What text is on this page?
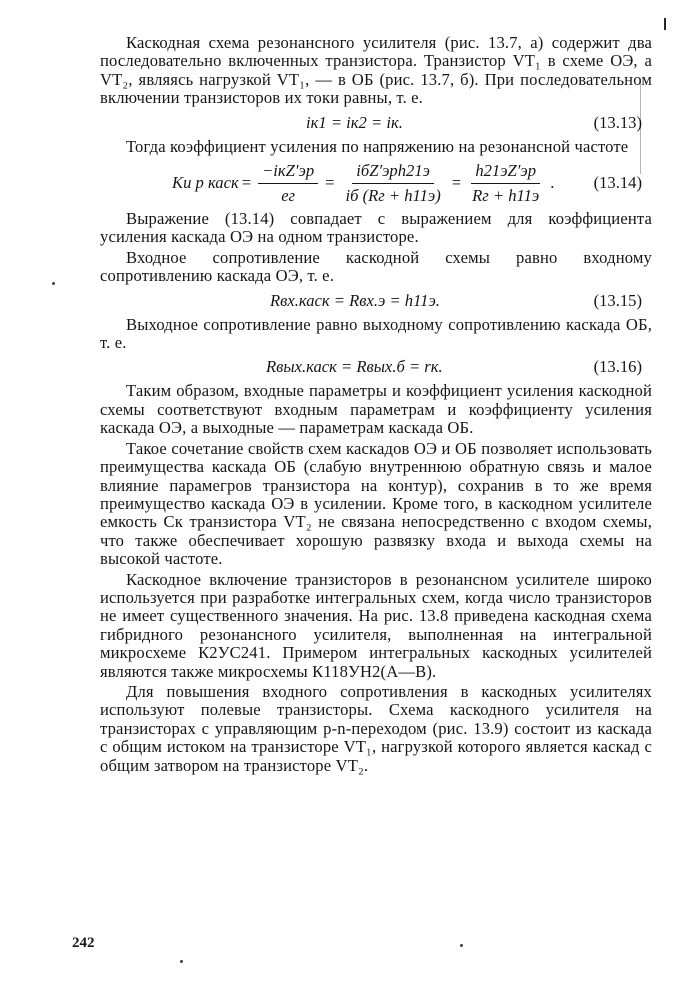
Каскодная схема резонансного усилителя (рис. 13.7, а) содержит два последовательно включенных транзистора. Транзистор VT₁ в схеме ОЭ, а VT₂, являясь нагрузкой VT₁, — в ОБ (рис. 13.7, б). При последовательном включении транзисторов их токи равны, т. е.

iк1 = iк2 = iк.	(13.13)

Тогда коэффициент усиления по напряжению на резонансной частоте

Ku р каск = $\frac{\text{−iкZ′эр}}{eг} = \frac{\text{iбZ′эрh21э}}{iб (Rг + h11э)} = \frac{h21эZ'эр}{Rг + h11э}$ . (13.14)

Выражение (13.14) совпадает с выражением для коэффициента усиления каскада ОЭ на одном транзисторе.

Входное сопротивление каскодной схемы равно входному сопротивлению каскада ОЭ, т. е.

Rвх.каск = Rвх.э = h11э.	(13.15)

Выходное сопротивление равно выходному сопротивлению каскада ОБ, т. е.

Rвых.каск = Rвых.б = rк.	(13.16)

Таким образом, входные параметры и коэффициент усиления каскодной схемы соответствуют входным параметрам и коэффициенту усиления каскада ОЭ, а выходные — параметрам каскада ОБ.

Такое сочетание свойств схем каскадов ОЭ и ОБ позволяет использовать преимущества каскада ОБ (слабую внутреннюю обратную связь и малое влияние парамегров транзистора на контур), сохранив в то же время преимущество каскада ОЭ в усилении. Кроме того, в каскодном усилителе емкость Cк транзистора VT₂ не связана непосредственно с входом схемы, что также обеспечивает хорошую развязку входа и выхода схемы на высокой частоте.

Каскодное включение транзисторов в резонансном усилителе широко используется при разработке интегральных схем, когда число транзисторов не имеет существенного значения. На рис. 13.8 приведена каскодная схема гибридного резонансного усилителя, выполненная на интегральной микросхеме К2УС241. Примером интегральных каскодных усилителей являются также микросхемы К118УН2(А—В).

Для повышения входного сопротивления в каскодных усилителях используют полевые транзисторы. Схема каскодного усилителя на транзисторах с управляющим p-n-переходом (рис. 13.9) состоит из каскада с общим истоком на транзисторе VT₁, нагрузкой которого является каскад с общим затвором на транзисторе VT₂.

242
